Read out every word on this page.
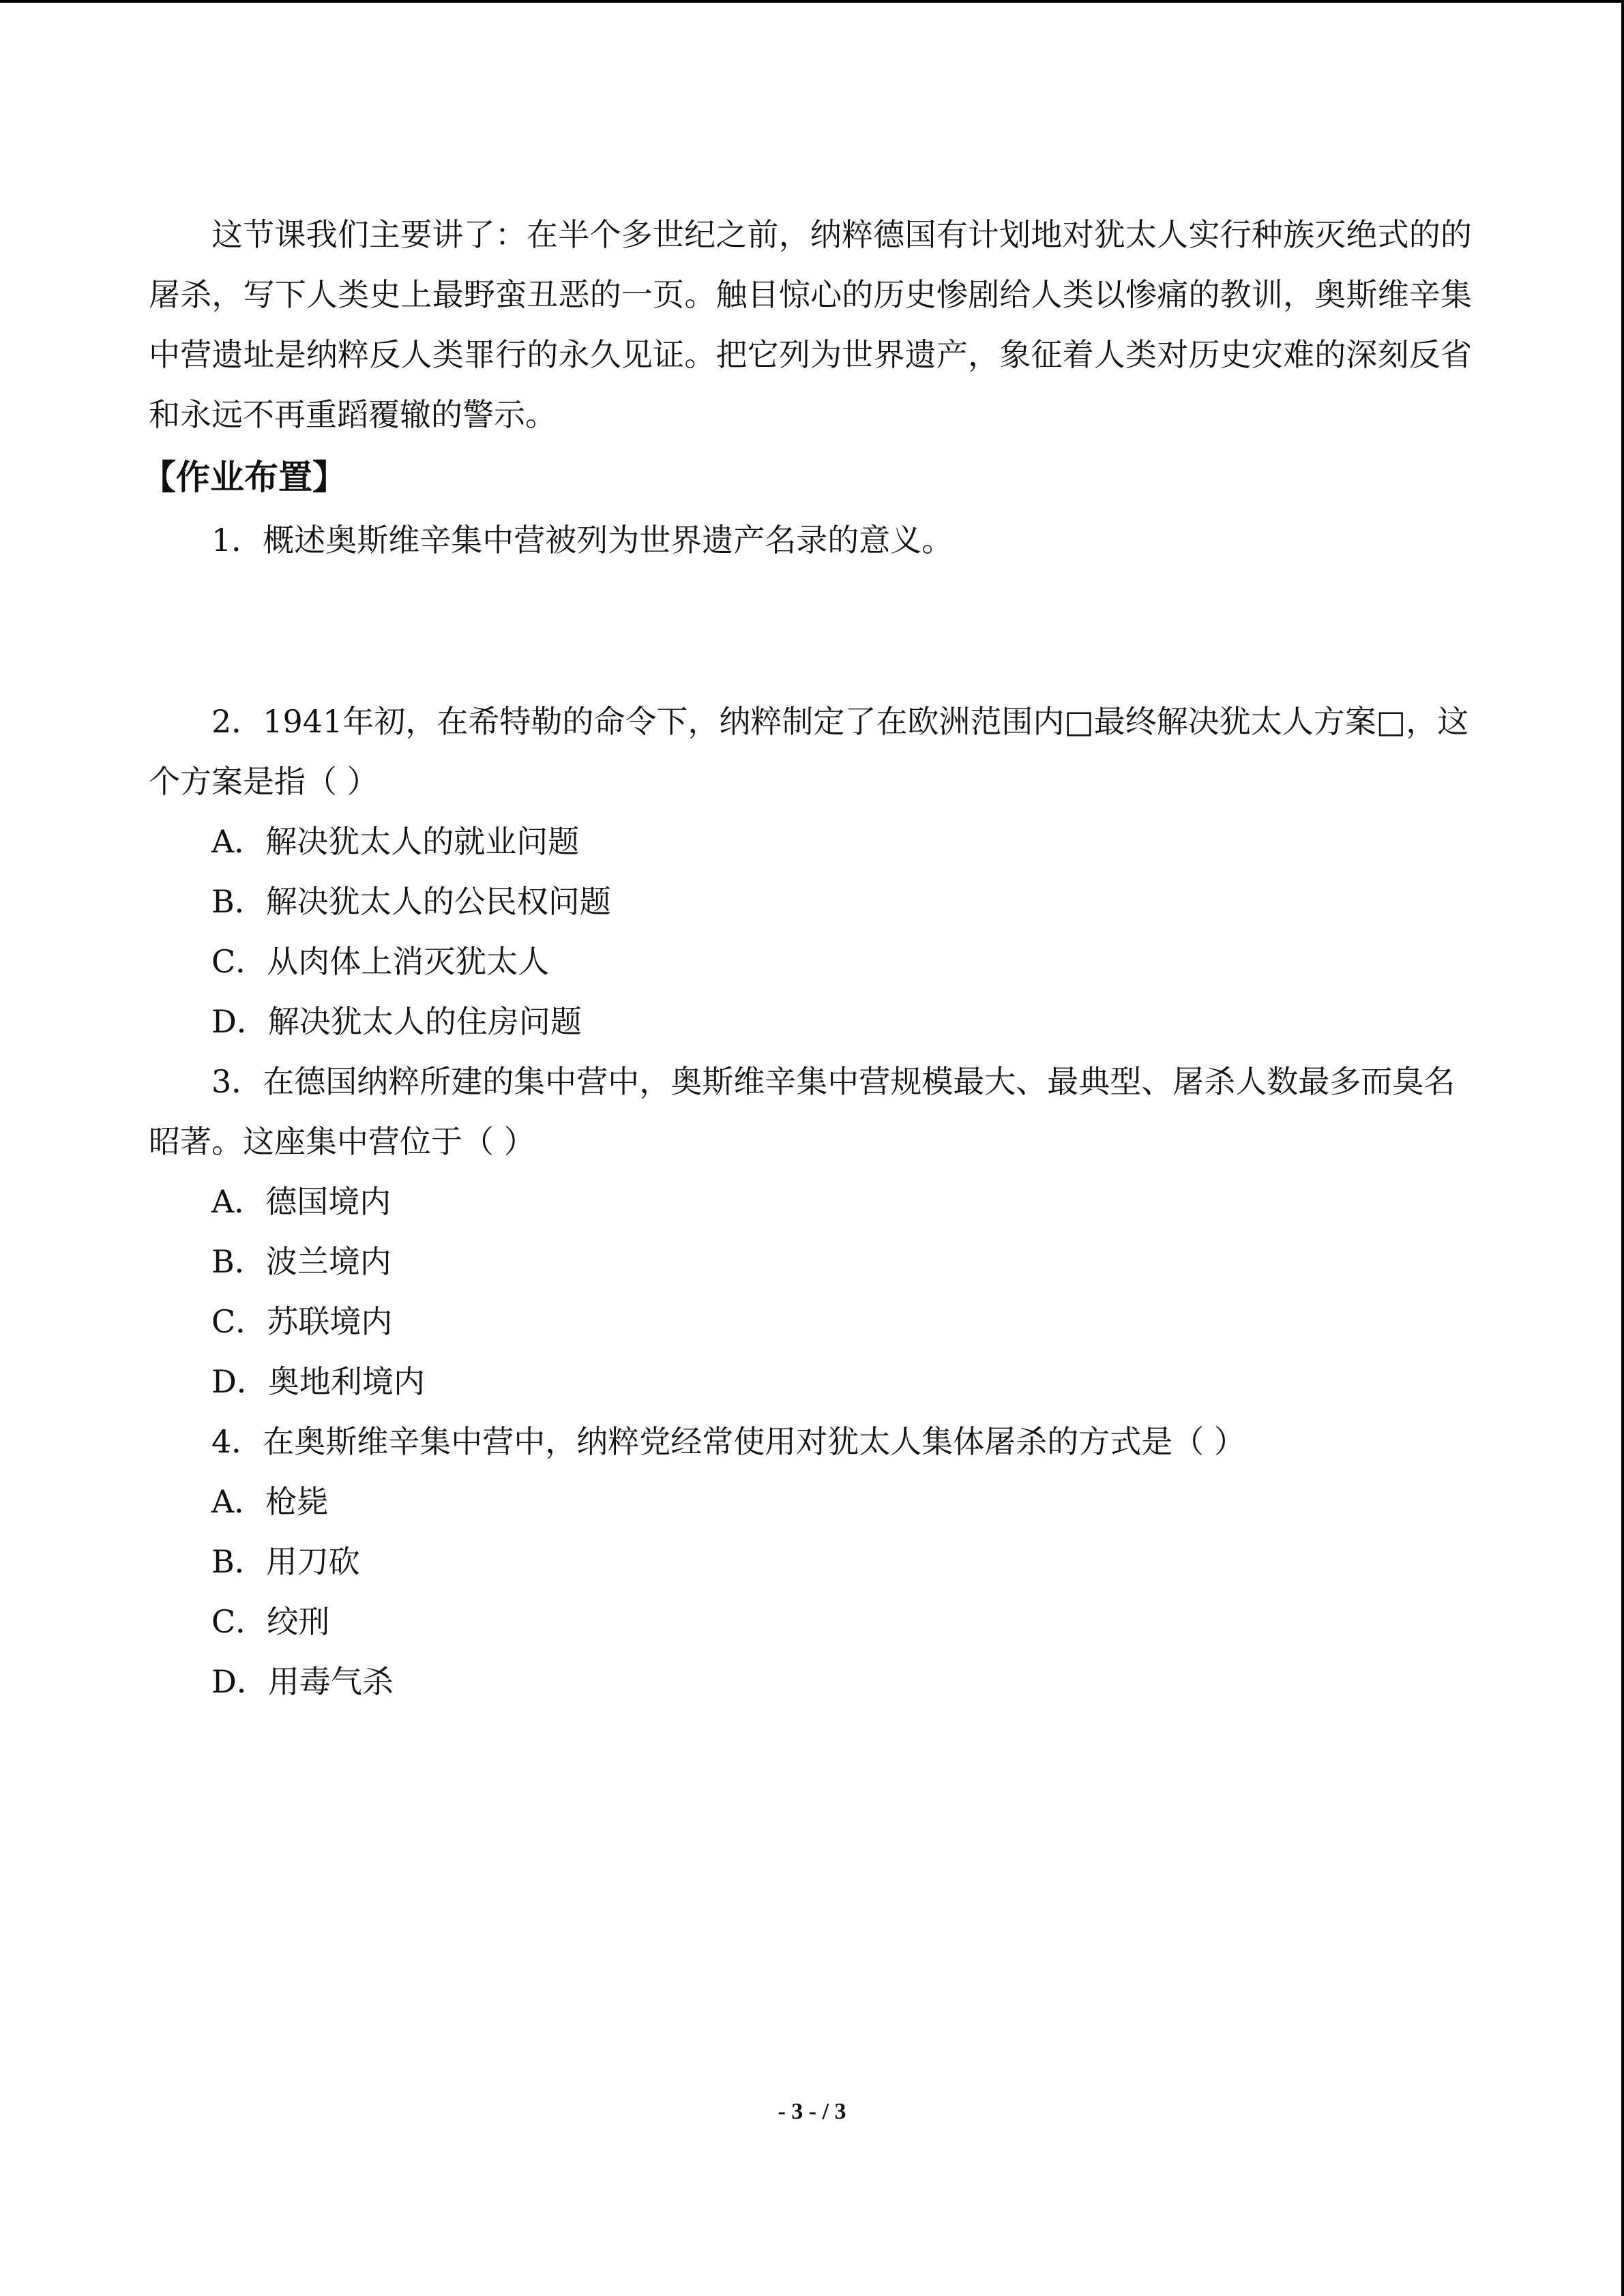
这节课我们主要讲了：在半个多世纪之前，纳粹德国有计划地对犹太人实行种族灭绝式的的屠杀，写下人类史上最野蛮丑恶的一页。触目惊心的历史惨剧给人类以惨痛的教训，奥斯维辛集中营遗址是纳粹反人类罪行的永久见证。把它列为世界遗产，象征着人类对历史灾难的深刻反省和永远不再重蹈覆辙的警示。

【作业布置】

1．概述奥斯维辛集中营被列为世界遗产名录的意义。

2．1941年初，在希特勒的命令下，纳粹制定了在欧洲范围内□最终解决犹太人方案□，这个方案是指（ ）

A．解决犹太人的就业问题

B．解决犹太人的公民权问题

C．从肉体上消灭犹太人

D．解决犹太人的住房问题

3．在德国纳粹所建的集中营中，奥斯维辛集中营规模最大、最典型、屠杀人数最多而臭名昭著。这座集中营位于（ ）

A．德国境内

B．波兰境内

C．苏联境内

D．奥地利境内

4．在奥斯维辛集中营中，纳粹党经常使用对犹太人集体屠杀的方式是（ ）

A．枪毙

B．用刀砍

C．绞刑

D．用毒气杀

- 3 - / 3
